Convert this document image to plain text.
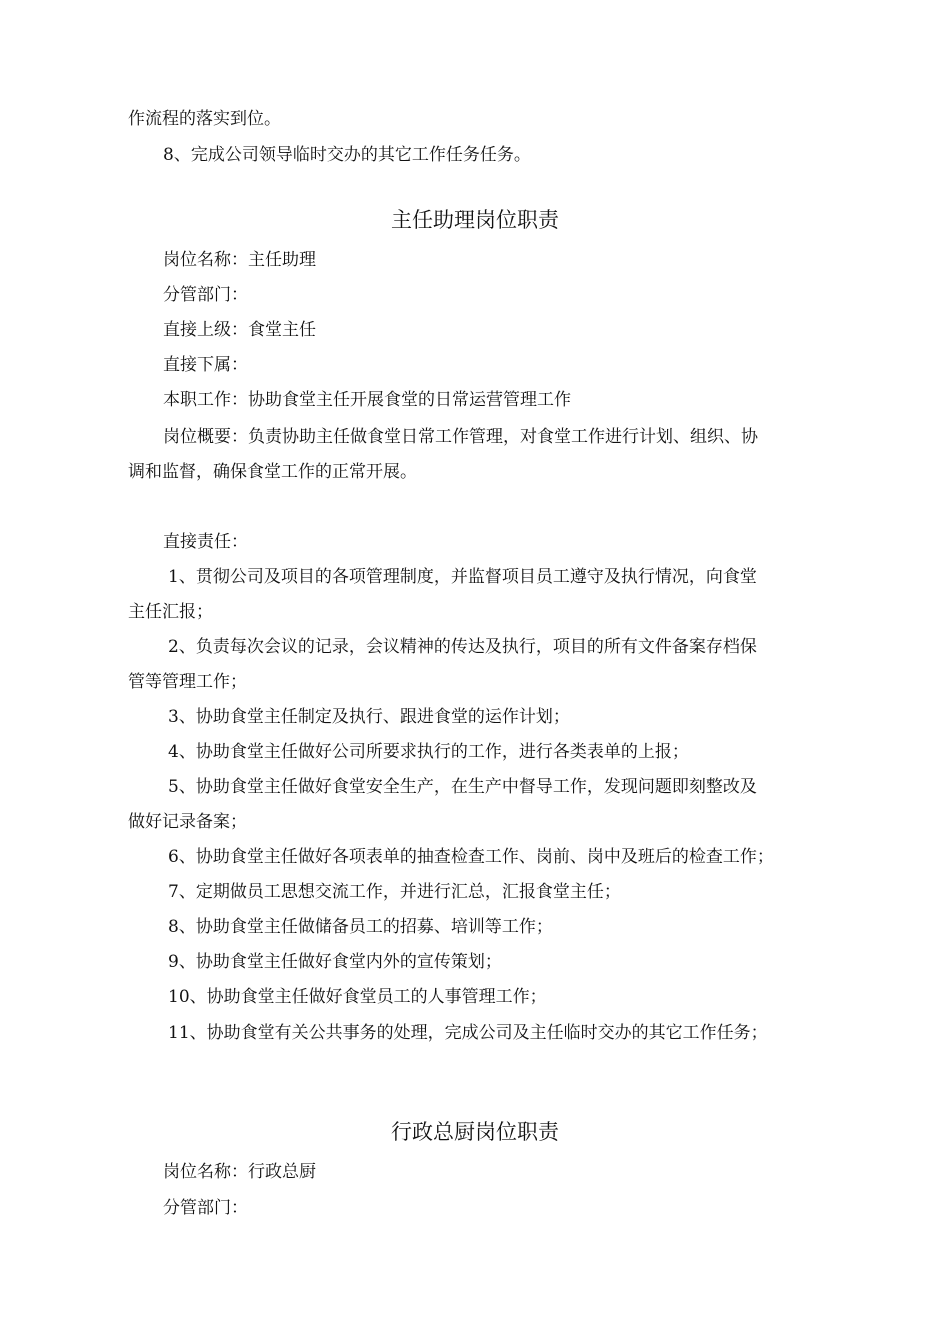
作流程的落实到位。
8、完成公司领导临时交办的其它工作任务任务。
主任助理岗位职责
岗位名称：主任助理
分管部门：
直接上级：食堂主任
直接下属：
本职工作：协助食堂主任开展食堂的日常运营管理工作
岗位概要：负责协助主任做食堂日常工作管理，对食堂工作进行计划、组织、协
调和监督，确保食堂工作的正常开展。
直接责任：
1、贯彻公司及项目的各项管理制度，并监督项目员工遵守及执行情况，向食堂
主任汇报；
2、负责每次会议的记录，会议精神的传达及执行，项目的所有文件备案存档保
管等管理工作；
3、协助食堂主任制定及执行、跟进食堂的运作计划；
4、协助食堂主任做好公司所要求执行的工作，进行各类表单的上报；
5、协助食堂主任做好食堂安全生产，在生产中督导工作，发现问题即刻整改及
做好记录备案；
6、协助食堂主任做好各项表单的抽查检查工作、岗前、岗中及班后的检查工作；
7、定期做员工思想交流工作，并进行汇总，汇报食堂主任；
8、协助食堂主任做储备员工的招募、培训等工作；
9、协助食堂主任做好食堂内外的宣传策划；
10、协助食堂主任做好食堂员工的人事管理工作；
11、协助食堂有关公共事务的处理，完成公司及主任临时交办的其它工作任务；
行政总厨岗位职责
岗位名称：行政总厨
分管部门：
